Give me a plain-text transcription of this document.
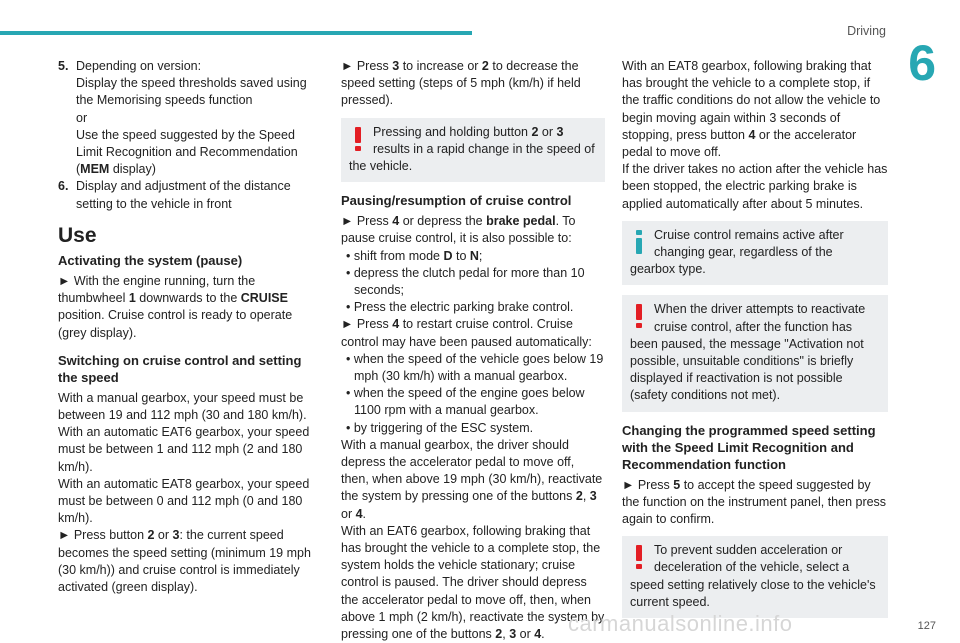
Driving
6
5. Depending on version:

Display the speed thresholds saved using the Memorising speeds function

or

Use the speed suggested by the Speed Limit Recognition and Recommendation (MEM display)

6. Display and adjustment of the distance setting to the vehicle in front

Use
Activating the system (pause)

► With the engine running, turn the thumbwheel 1 downwards to the CRUISE position. Cruise control is ready to operate (grey display).

Switching on cruise control and setting the speed

With a manual gearbox, your speed must be between 19 and 112 mph (30 and 180 km/h).

With an automatic EAT6 gearbox, your speed must be between 1 and 112 mph (2 and 180 km/h).

With an automatic EAT8 gearbox, your speed must be between 0 and 112 mph (0 and 180 km/h).

► Press button 2 or 3: the current speed becomes the speed setting (minimum 19 mph (30 km/h)) and cruise control is immediately activated (green display).

► Press 3 to increase or 2 to decrease the speed setting (steps of 5 mph (km/h) if held pressed).

Pressing and holding button 2 or 3 results in a rapid change in the speed of the vehicle.

Pausing/resumption of cruise control

► Press 4 or depress the brake pedal. To pause cruise control, it is also possible to:

• shift from mode D to N;

• depress the clutch pedal for more than 10 seconds;

• Press the electric parking brake control.

► Press 4 to restart cruise control. Cruise control may have been paused automatically:

• when the speed of the vehicle goes below 19 mph (30 km/h) with a manual gearbox.

• when the speed of the engine goes below 1100 rpm with a manual gearbox.

• by triggering of the ESC system.

With a manual gearbox, the driver should depress the accelerator pedal to move off, then, when above 19 mph (30 km/h), reactivate the system by pressing one of the buttons 2, 3 or 4.

With an EAT6 gearbox, following braking that has brought the vehicle to a complete stop, the system holds the vehicle stationary; cruise control is paused. The driver should depress the accelerator pedal to move off, then, when above 1 mph (2 km/h), reactivate the system by pressing one of the buttons 2, 3 or 4.

With an EAT8 gearbox, following braking that has brought the vehicle to a complete stop, if the traffic conditions do not allow the vehicle to begin moving again within 3 seconds of stopping, press button 4 or the accelerator pedal to move off.

If the driver takes no action after the vehicle has been stopped, the electric parking brake is applied automatically after about 5 minutes.

Cruise control remains active after changing gear, regardless of the gearbox type.

When the driver attempts to reactivate cruise control, after the function has been paused, the message "Activation not possible, unsuitable conditions" is briefly displayed if reactivation is not possible (safety conditions not met).

Changing the programmed speed setting with the Speed Limit Recognition and Recommendation function

► Press 5 to accept the speed suggested by the function on the instrument panel, then press again to confirm.

To prevent sudden acceleration or deceleration of the vehicle, select a speed setting relatively close to the vehicle's current speed.

carmanualsonline.info	127
